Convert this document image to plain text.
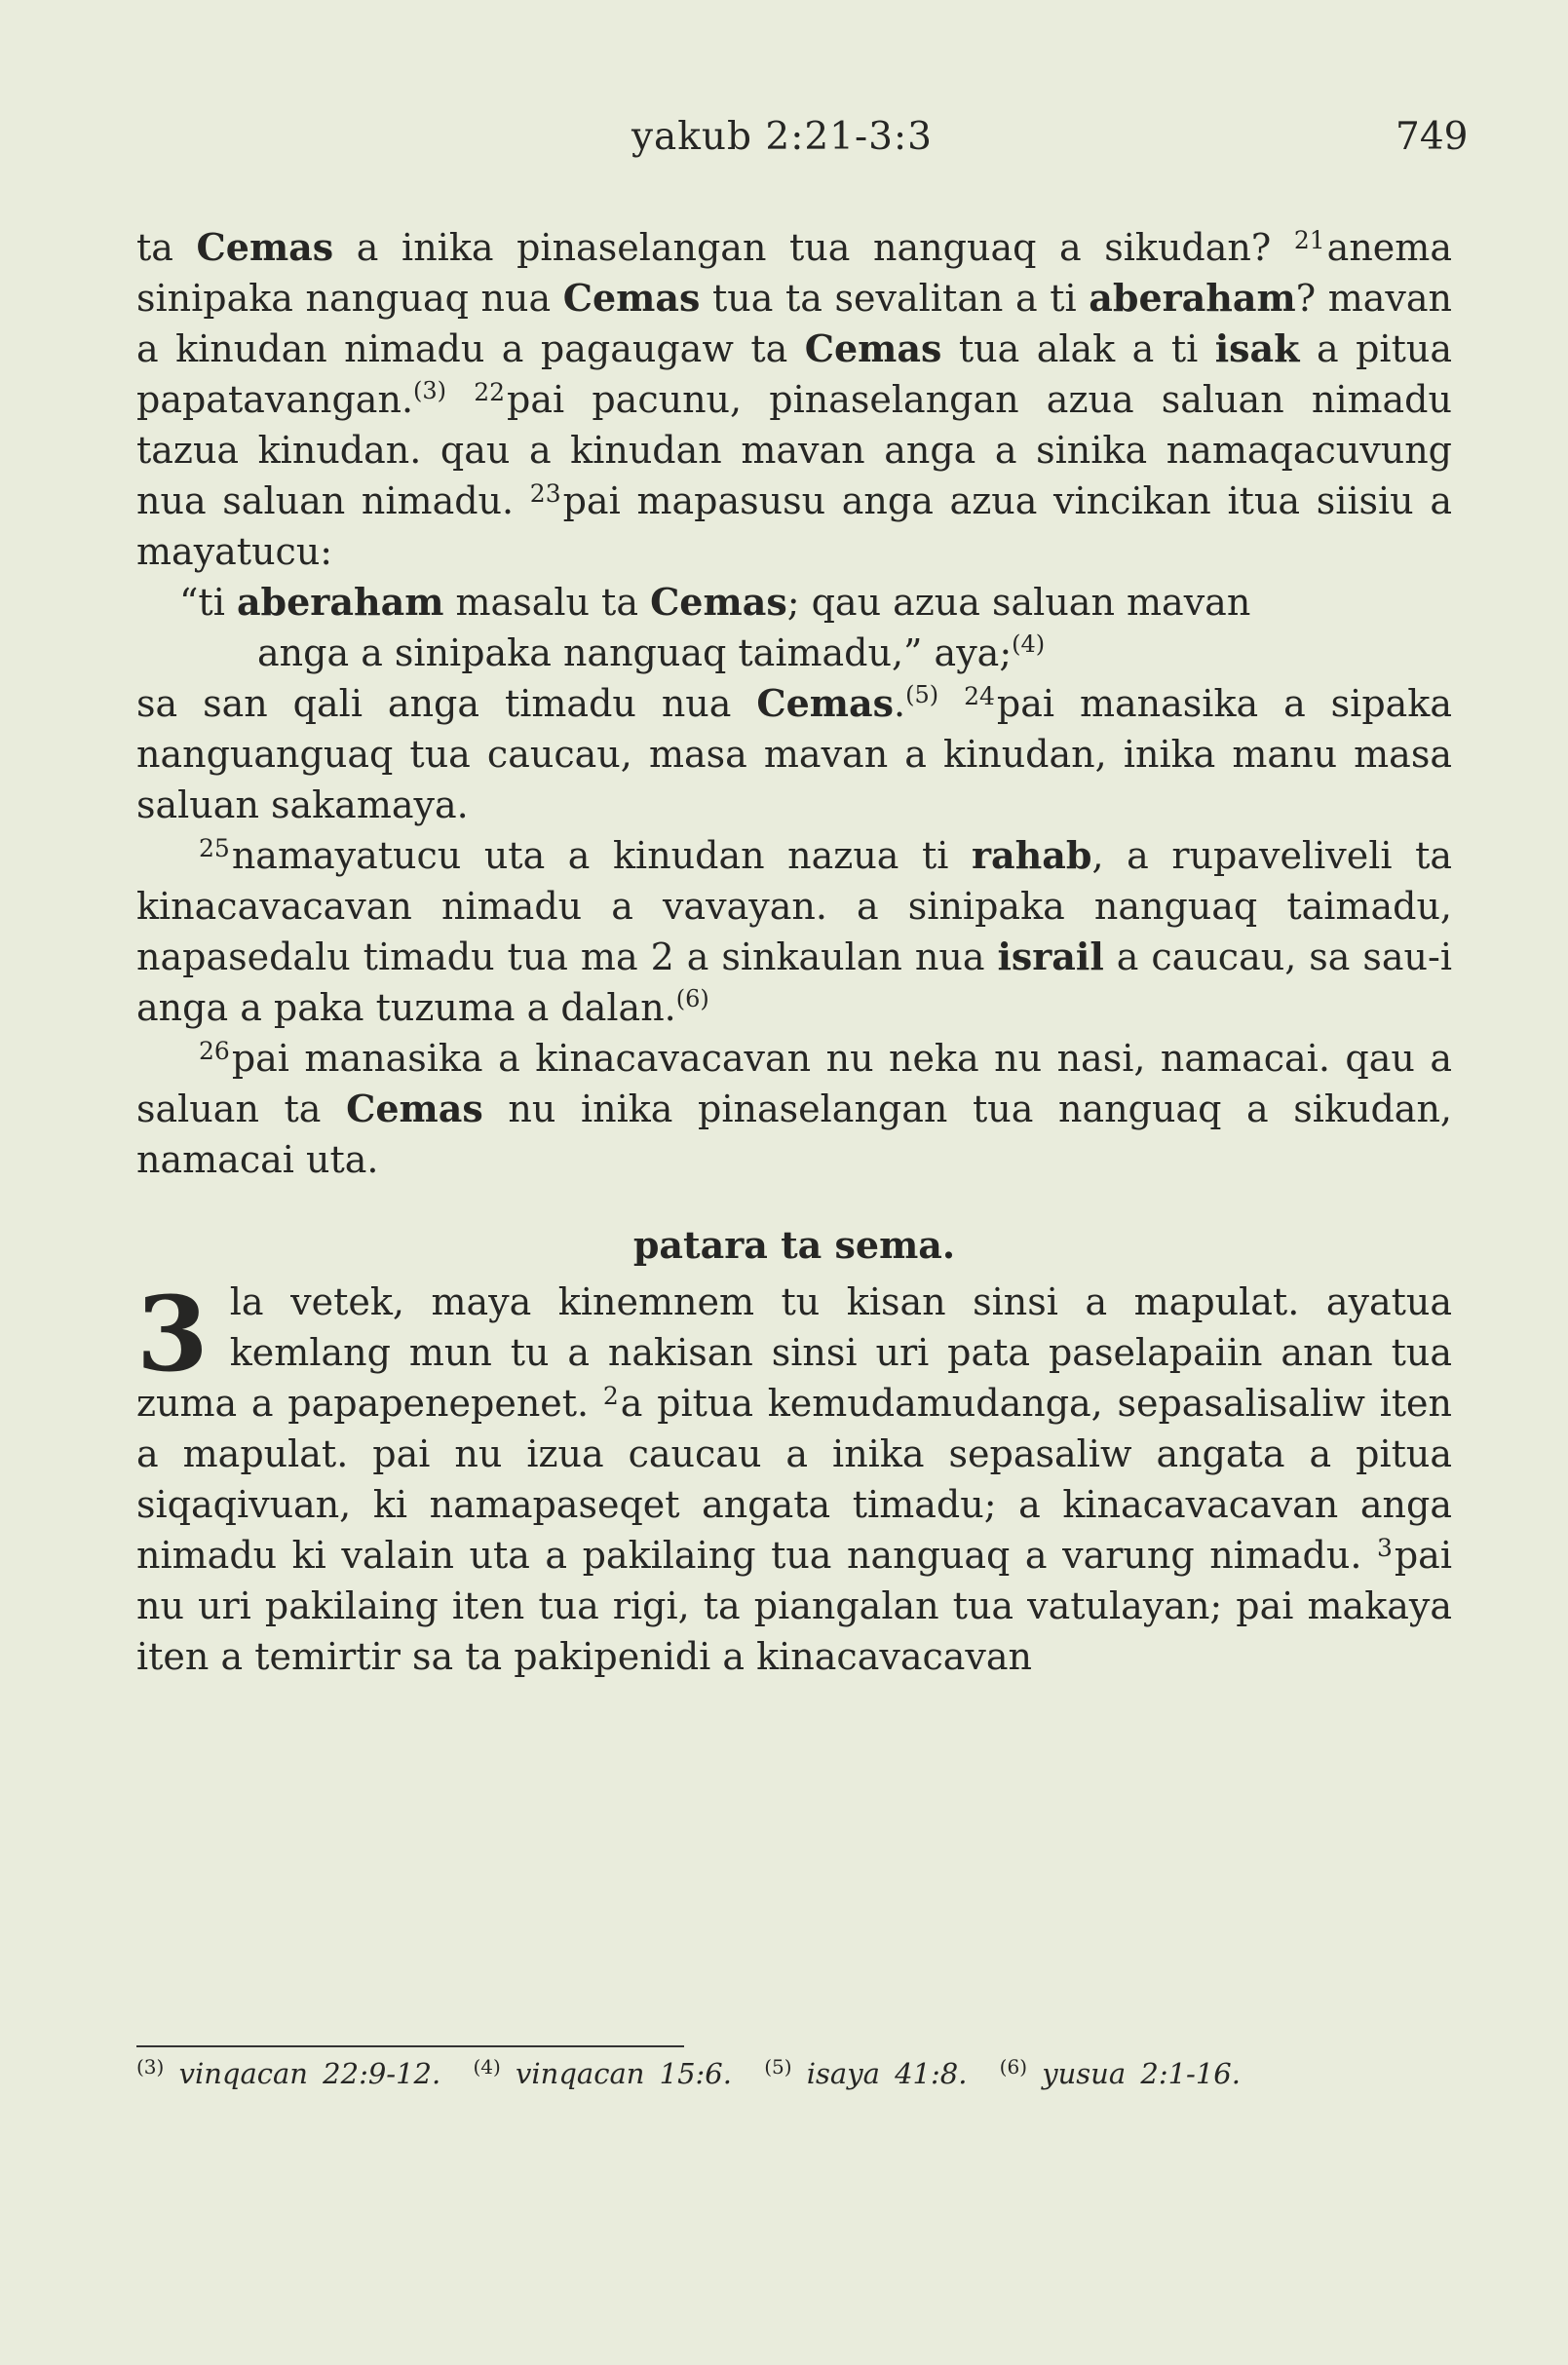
yakub 2:21-3:3	749

ta Cemas a inika pinaselangan tua nanguaq a sikudan? $^{21}$anema sinipaka nanguaq nua Cemas tua ta sevalitan a ti aberaham? mavan a kinudan nimadu a pagaugaw ta Cemas tua alak a ti isak a pitua papatavangan.$^{(3)}$ $^{22}$pai pacunu, pinaselangan azua saluan nimadu tazua kinudan. qau a kinudan mavan anga a sinika namaqacuvung nua saluan nimadu. $^{23}$pai mapasusu anga azua vincikan itua siisiu a mayatucu:

“ti aberaham masalu ta Cemas; qau azua saluan mavan
anga a sinipaka nanguaq taimadu,” aya;$^{(4)}$

sa san qali anga timadu nua Cemas.$^{(5)}$ $^{24}$pai manasika a sipaka nanguanguaq tua caucau, masa mavan a kinudan, inika manu masa saluan sakamaya.

$^{25}$namayatucu uta a kinudan nazua ti rahab, a rupaveliveli ta kinacavacavan nimadu a vavayan. a sinipaka nanguaq taimadu, napasedalu timadu tua ma 2 a sinkaulan nua israil a caucau, sa sau-i anga a paka tuzuma a dalan.$^{(6)}$

$^{26}$pai manasika a kinacavacavan nu neka nu nasi, namacai. qau a saluan ta Cemas nu inika pinaselangan tua nanguaq a sikudan, namacai uta.

patara ta sema.

3 la vetek, maya kinemnem tu kisan sinsi a mapulat. ayatua kemlang mun tu a nakisan sinsi uri pata paselapaiin anan tua zuma a papapenepenet. $^2$a pitua kemudamudanga, sepasalisaliw iten a mapulat. pai nu izua caucau a inika sepasaliw angata a pitua siqaqivuan, ki namapaseqet angata timadu; a kinacavacavan anga nimadu ki valain uta a pakilaing tua nanguaq a varung nimadu. $^3$pai nu uri pakilaing iten tua rigi, ta piangalan tua vatulayan; pai makaya iten a temirtir sa ta pakipenidi a kinacavacavan

$^{(3)}$ vinqacan 22:9-12. $^{(4)}$ vinqacan 15:6. $^{(5)}$ isaya 41:8. $^{(6)}$ yusua 2:1-16.
